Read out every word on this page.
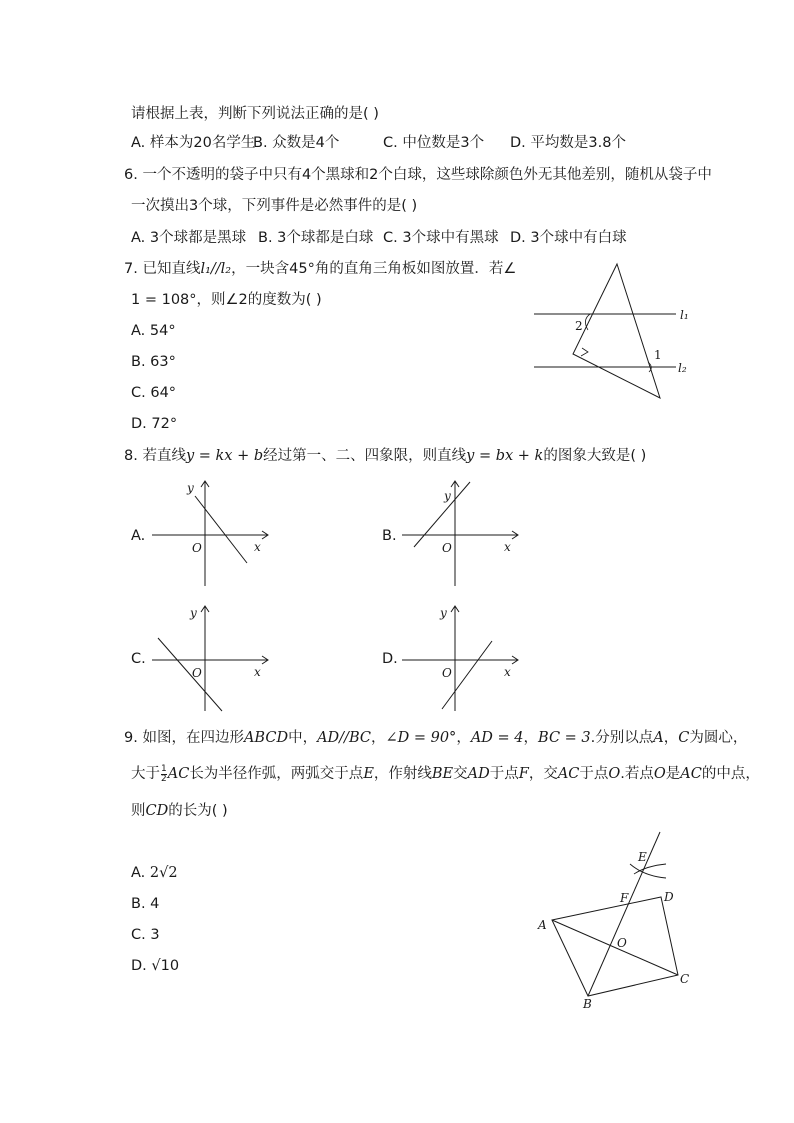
请根据上表，判断下列说法正确的是( )
A. 样本为20名学生
B. 众数是4个	C. 中位数是3个 D. 平均数是3.8个
6. 一个不透明的袋子中只有4个黑球和2个白球，这些球除颜色外无其他差别，随机从袋子中
一次摸出3个球，下列事件是必然事件的是( )
A. 3个球都是黑球 B. 3个球都是白球 C. 3个球中有黑球 D. 3个球中有白球
7. 已知直线l₁//l₂，一块含45°角的直角三角板如图放置．若∠
1 = 108°，则∠2的度数为( )
A. 54°
B. 63°
C. 64°
D. 72°
l₁
l₂
1
2
8. 若直线y = kx + b经过第一、二、四象限，则直线y = bx + k的图象大致是( )
A.
y
x
O
B.
y
x
O
C.
y
x
O
D.
y
x
O
9. 如图，在四边形ABCD中，AD//BC，∠D = 90°，AD = 4，BC = 3.分别以点A，C为圆心，
大于 $\frac{1}{2}$ AC长为半径作弧，两弧交于点E，作射线BE交AD于点F，交AC于点O.若点O是AC的中点，
则CD的长为( )
A. 2√2
B. 4
C. 3
D. √10
A
B
C
D
E
F
O
